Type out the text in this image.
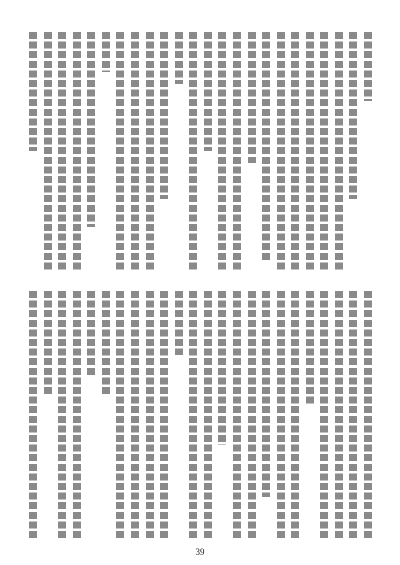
39
